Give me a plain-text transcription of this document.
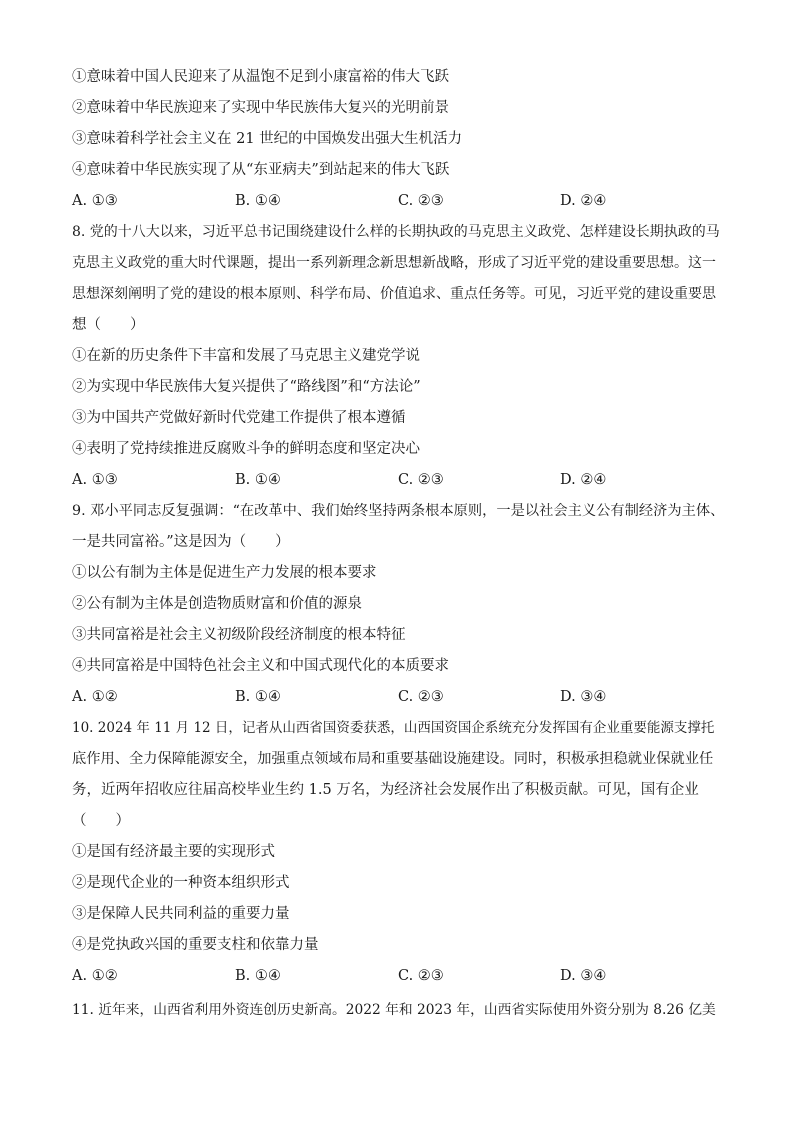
①意味着中国人民迎来了从温饱不足到小康富裕的伟大飞跃
②意味着中华民族迎来了实现中华民族伟大复兴的光明前景
③意味着科学社会主义在 21 世纪的中国焕发出强大生机活力
④意味着中华民族实现了从“东亚病夫”到站起来的伟大飞跃
A. ①③	B. ①④	C. ②③	D. ②④
8. 党的十八大以来，习近平总书记围绕建设什么样的长期执政的马克思主义政党、怎样建设长期执政的马
克思主义政党的重大时代课题，提出一系列新理念新思想新战略，形成了习近平党的建设重要思想。这一
思想深刻阐明了党的建设的根本原则、科学布局、价值追求、重点任务等。可见，习近平党的建设重要思
想（　　）
①在新的历史条件下丰富和发展了马克思主义建党学说
②为实现中华民族伟大复兴提供了“路线图”和“方法论”
③为中国共产党做好新时代党建工作提供了根本遵循
④表明了党持续推进反腐败斗争的鲜明态度和坚定决心
A. ①③	B. ①④	C. ②③	D. ②④
9. 邓小平同志反复强调：“在改革中、我们始终坚持两条根本原则，一是以社会主义公有制经济为主体、
一是共同富裕。”这是因为（　　）
①以公有制为主体是促进生产力发展的根本要求
②公有制为主体是创造物质财富和价值的源泉
③共同富裕是社会主义初级阶段经济制度的根本特征
④共同富裕是中国特色社会主义和中国式现代化的本质要求
A. ①②	B. ①④	C. ②③	D. ③④
10. 2024 年 11 月 12 日，记者从山西省国资委获悉，山西国资国企系统充分发挥国有企业重要能源支撑托
底作用、全力保障能源安全，加强重点领域布局和重要基础设施建设。同时，积极承担稳就业保就业任
务，近两年招收应往届高校毕业生约 1.5 万名，为经济社会发展作出了积极贡献。可见，国有企业
（　　）
①是国有经济最主要的实现形式
②是现代企业的一种资本组织形式
③是保障人民共同利益的重要力量
④是党执政兴国的重要支柱和依靠力量
A. ①②	B. ①④	C. ②③	D. ③④
11. 近年来，山西省利用外资连创历史新高。2022 年和 2023 年，山西省实际使用外资分别为 8.26 亿美
